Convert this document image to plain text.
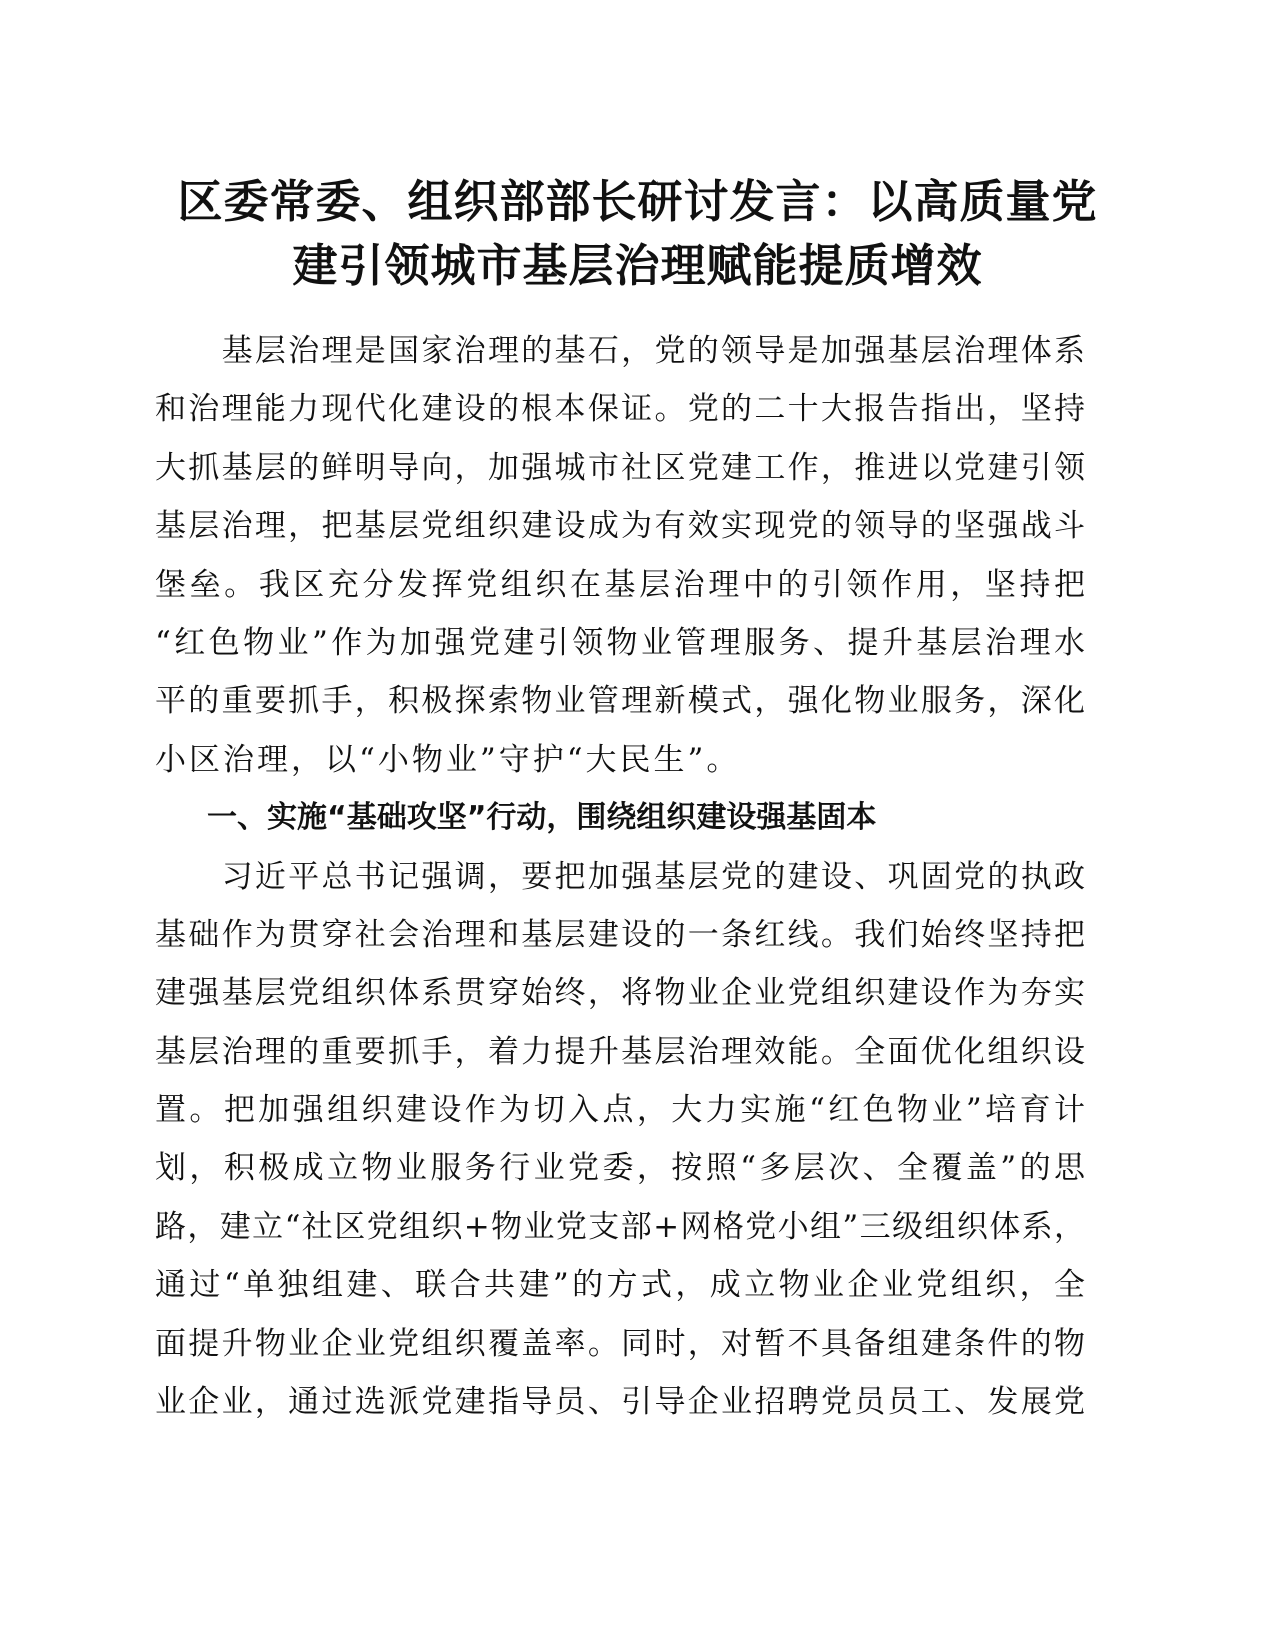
区委常委、组织部部长研讨发言：以高质量党
建引领城市基层治理赋能提质增效
　　基层治理是国家治理的基石，党的领导是加强基层治理体系
和治理能力现代化建设的根本保证。党的二十大报告指出，坚持
大抓基层的鲜明导向，加强城市社区党建工作，推进以党建引领
基层治理，把基层党组织建设成为有效实现党的领导的坚强战斗
堡垒。我区充分发挥党组织在基层治理中的引领作用，坚持把
“红色物业”作为加强党建引领物业管理服务、提升基层治理水
平的重要抓手，积极探索物业管理新模式，强化物业服务，深化
小区治理，以“小物业”守护“大民生”。
一、实施“基础攻坚”行动，围绕组织建设强基固本
　　习近平总书记强调，要把加强基层党的建设、巩固党的执政
基础作为贯穿社会治理和基层建设的一条红线。我们始终坚持把
建强基层党组织体系贯穿始终，将物业企业党组织建设作为夯实
基层治理的重要抓手，着力提升基层治理效能。全面优化组织设
置。把加强组织建设作为切入点，大力实施“红色物业”培育计
划，积极成立物业服务行业党委，按照“多层次、全覆盖”的思
路，建立“社区党组织+物业党支部+网格党小组”三级组织体系，
通过“单独组建、联合共建”的方式，成立物业企业党组织，全
面提升物业企业党组织覆盖率。同时，对暂不具备组建条件的物
业企业，通过选派党建指导员、引导企业招聘党员员工、发展党
